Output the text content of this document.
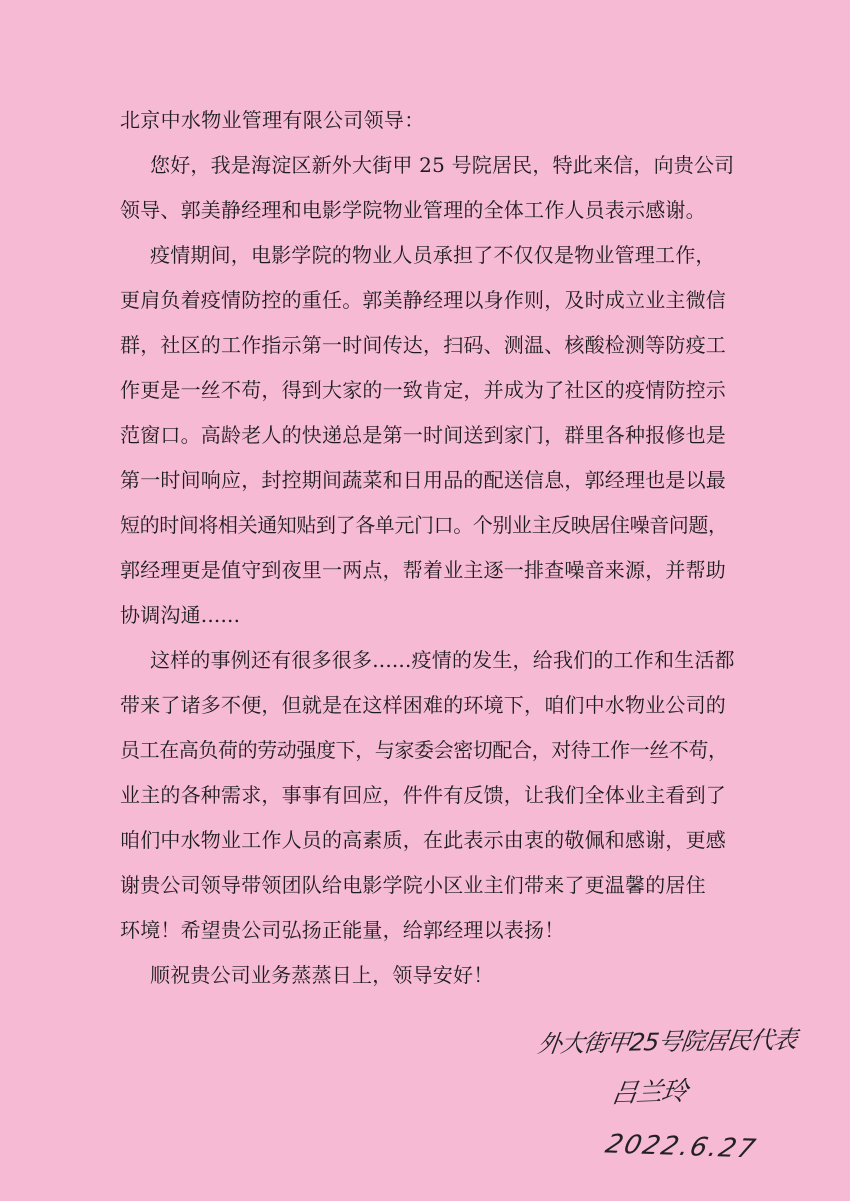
北京中水物业管理有限公司领导：
您好，我是海淀区新外大街甲 25 号院居民，特此来信，向贵公司
领导、郭美静经理和电影学院物业管理的全体工作人员表示感谢。
疫情期间，电影学院的物业人员承担了不仅仅是物业管理工作，
更肩负着疫情防控的重任。郭美静经理以身作则，及时成立业主微信
群，社区的工作指示第一时间传达，扫码、测温、核酸检测等防疫工
作更是一丝不苟，得到大家的一致肯定，并成为了社区的疫情防控示
范窗口。高龄老人的快递总是第一时间送到家门，群里各种报修也是
第一时间响应，封控期间蔬菜和日用品的配送信息，郭经理也是以最
短的时间将相关通知贴到了各单元门口。个别业主反映居住噪音问题，
郭经理更是值守到夜里一两点，帮着业主逐一排查噪音来源，并帮助
协调沟通......
这样的事例还有很多很多......疫情的发生，给我们的工作和生活都
带来了诸多不便，但就是在这样困难的环境下，咱们中水物业公司的
员工在高负荷的劳动强度下，与家委会密切配合，对待工作一丝不苟，
业主的各种需求，事事有回应，件件有反馈，让我们全体业主看到了
咱们中水物业工作人员的高素质，在此表示由衷的敬佩和感谢，更感
谢贵公司领导带领团队给电影学院小区业主们带来了更温馨的居住
环境！希望贵公司弘扬正能量，给郭经理以表扬！
顺祝贵公司业务蒸蒸日上，领导安好！
外大街甲25号院居民代表
吕兰玲
2022.6.27
